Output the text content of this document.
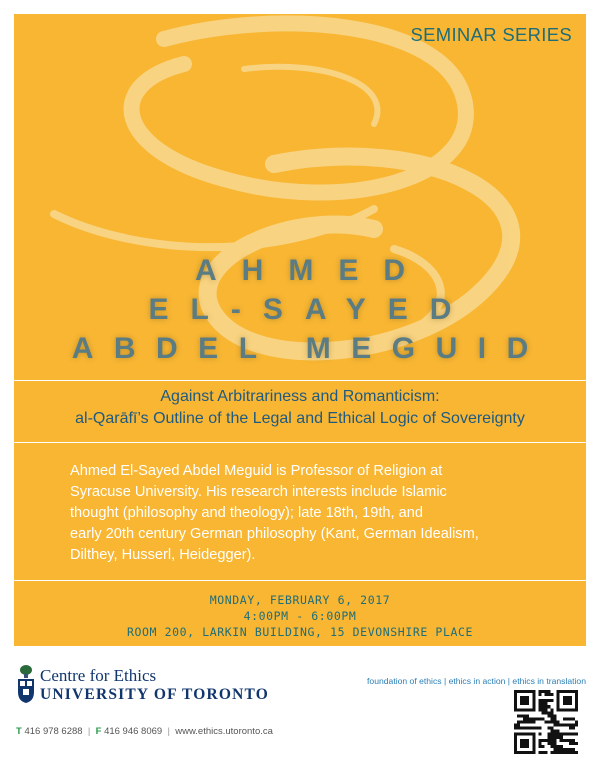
SEMINAR SERIES
AHMED
EL-SAYED
ABDEL MEGUID
Against Arbitrariness and Romanticism:
al-Qarāfī’s Outline of the Legal and Ethical Logic of Sovereignty
Ahmed El-Sayed Abdel Meguid is Professor of Religion at
Syracuse University. His research interests include Islamic
thought (philosophy and theology); late 18th, 19th, and
early 20th century German philosophy (Kant, German Idealism,
Dilthey, Husserl, Heidegger).
MONDAY, FEBRUARY 6, 2017
4:00PM - 6:00PM
ROOM 200, LARKIN BUILDING, 15 DEVONSHIRE PLACE
Centre for Ethics
UNIVERSITY OF TORONTO
T 416 978 6288  |  F 416 946 8069  |  www.ethics.utoronto.ca
foundation of ethics | ethics in action | ethics in translation
